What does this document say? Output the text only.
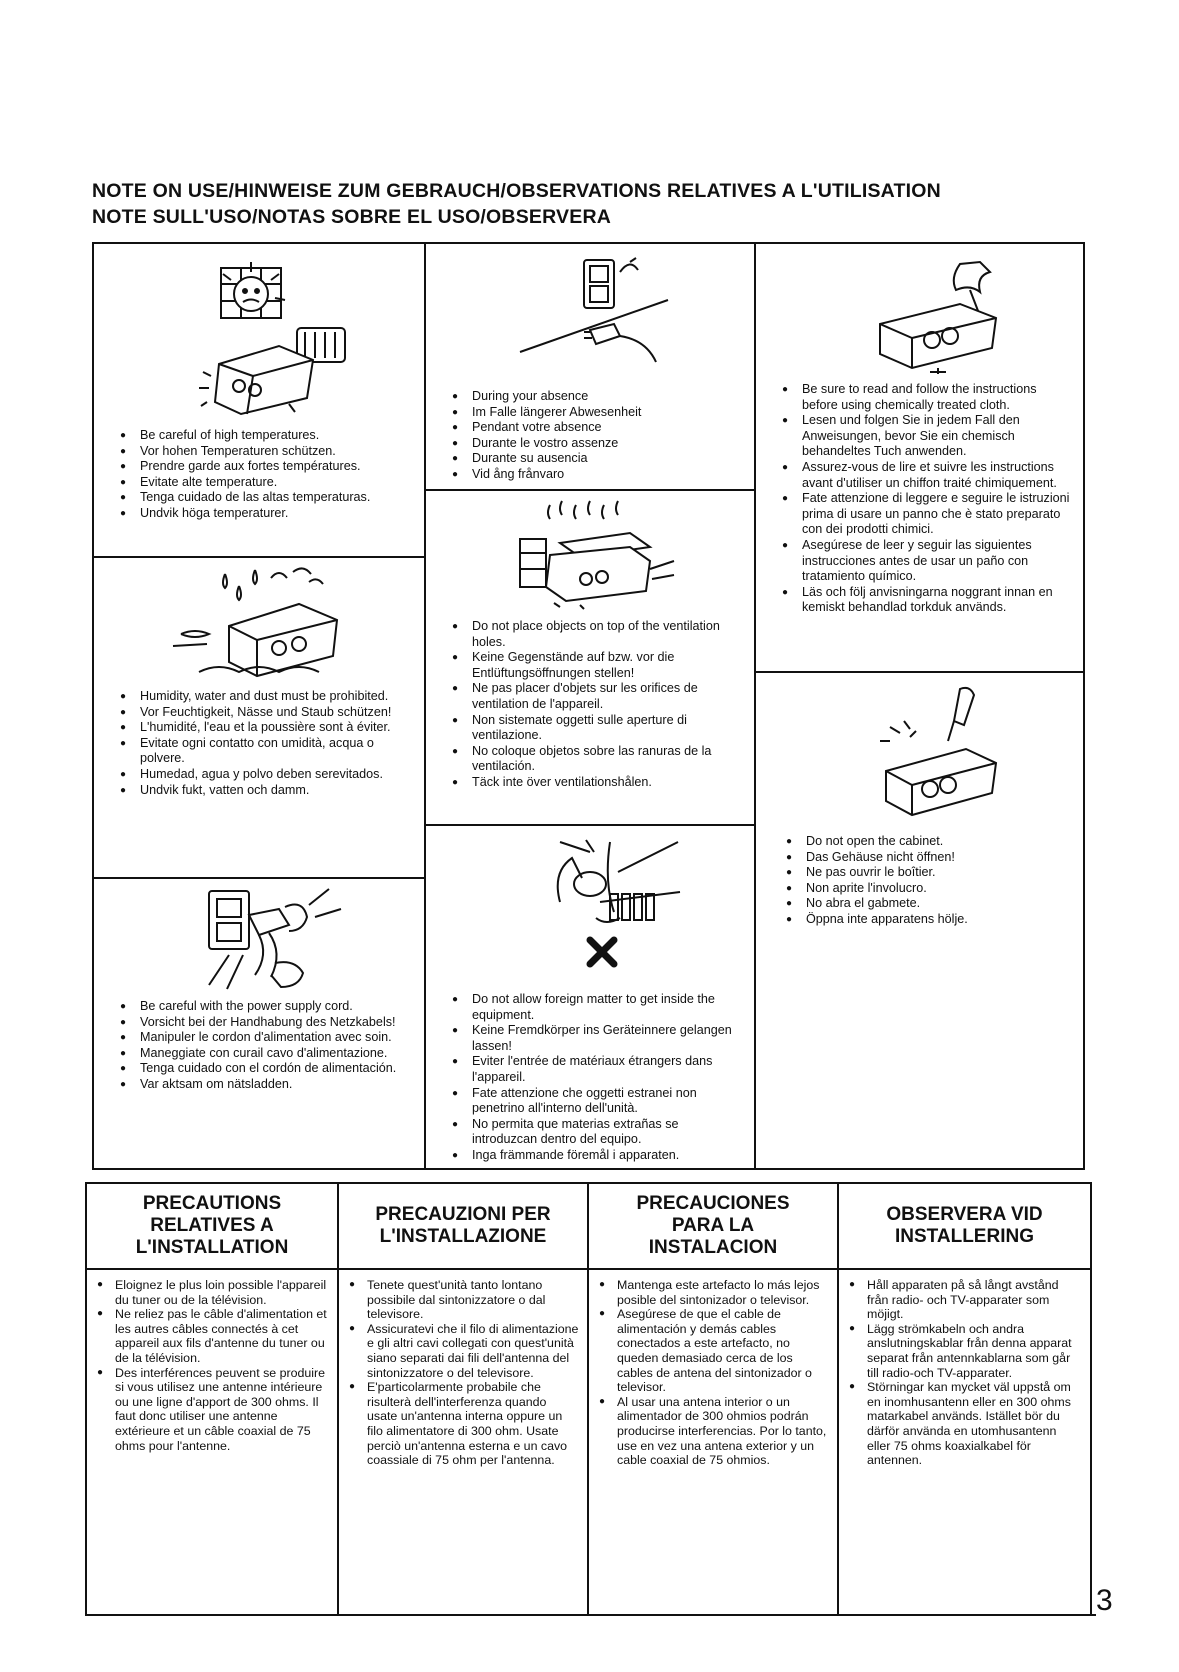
NOTE ON USE/HINWEISE ZUM GEBRAUCH/OBSERVATIONS RELATIVES A L'UTILISATION
NOTE SULL'USO/NOTAS SOBRE EL USO/OBSERVERA
● Be careful of high temperatures.
● Vor hohen Temperaturen schützen.
● Prendre garde aux fortes températures.
● Evitate alte temperature.
● Tenga cuidado de las altas temperaturas.
● Undvik höga temperaturer.
● Humidity, water and dust must be prohibited.
● Vor Feuchtigkeit, Nässe und Staub schützen!
● L'humidité, l'eau et la poussière sont à éviter.
● Evitate ogni contatto con umidità, acqua o polvere.
● Humedad, agua y polvo deben serevitados.
● Undvik fukt, vatten och damm.
● Be careful with the power supply cord.
● Vorsicht bei der Handhabung des Netzkabels!
● Manipuler le cordon d'alimentation avec soin.
● Maneggiate con curail cavo d'alimentazione.
● Tenga cuidado con el cordón de alimentación.
● Var aktsam om nätsladden.
● During your absence
● Im Falle längerer Abwesenheit
● Pendant votre absence
● Durante le vostro assenze
● Durante su ausencia
● Vid ång frånvaro
● Do not place objects on top of the ventilation holes.
● Keine Gegenstände auf bzw. vor die Entlüftungsöffnungen stellen!
● Ne pas placer d'objets sur les orifices de ventilation de l'appareil.
● Non sistemate oggetti sulle aperture di ventilazione.
● No coloque objetos sobre las ranuras de la ventilación.
● Täck inte över ventilationshålen.
● Do not allow foreign matter to get inside the equipment.
● Keine Fremdkörper ins Geräteinnere gelangen lassen!
● Eviter l'entrée de matériaux étrangers dans l'appareil.
● Fate attenzione che oggetti estranei non penetrino all'interno dell'unità.
● No permita que materias extrañas se introduzcan dentro del equipo.
● Inga främmande föremål i apparaten.
● Be sure to read and follow the instructions before using chemically treated cloth.
● Lesen und folgen Sie in jedem Fall den Anweisungen, bevor Sie ein chemisch behandeltes Tuch anwenden.
● Assurez-vous de lire et suivre les instructions avant d'utiliser un chiffon traité chimiquement.
● Fate attenzione di leggere e seguire le istruzioni prima di usare un panno che è stato preparato con dei prodotti chimici.
● Asegúrese de leer y seguir las siguientes instrucciones antes de usar un paño con tratamiento químico.
● Läs och följ anvisningarna noggrant innan en kemiskt behandlad torkduk används.
● Do not open the cabinet.
● Das Gehäuse nicht öffnen!
● Ne pas ouvrir le boîtier.
● Non aprite l'involucro.
● No abra el gabmete.
● Öppna inte apparatens hölje.
PRECAUTIONS
RELATIVES A
L'INSTALLATION
● Eloignez le plus loin possible l'appareil du tuner ou de la télévision.
● Ne reliez pas le câble d'alimentation et les autres câbles connectés à cet appareil aux fils d'antenne du tuner ou de la télévision.
● Des interférences peuvent se produire si vous utilisez une antenne intérieure ou une ligne d'apport de 300 ohms. Il faut donc utiliser une antenne extérieure et un câble coaxial de 75 ohms pour l'antenne.
PRECAUZIONI PER
L'INSTALLAZIONE
● Tenete quest'unità tanto lontano possibile dal sintonizzatore o dal televisore.
● Assicuratevi che il filo di alimentazione e gli altri cavi collegati con quest'unità siano separati dai fili dell'antenna del sintonizzatore o del televisore.
● E'particolarmente probabile che risulterà dell'interferenza quando usate un'antenna interna oppure un filo alimentatore di 300 ohm. Usate perciò un'antenna esterna e un cavo coassiale di 75 ohm per l'antenna.
PRECAUCIONES
PARA LA
INSTALACION
● Mantenga este artefacto lo más lejos posible del sintonizador o televisor.
● Asegúrese de que el cable de alimentación y demás cables conectados a este artefacto, no queden demasiado cerca de los cables de antena del sintonizador o televisor.
● Al usar una antena interior o un alimentador de 300 ohmios podrán producirse interferencias. Por lo tanto, use en vez una antena exterior y un cable coaxial de 75 ohmios.
OBSERVERA VID
INSTALLERING
● Håll apparaten på så långt avstånd från radio- och TV-apparater som möjigt.
● Lägg strömkabeln och andra anslutningskablar från denna apparat separat från antennkablarna som går till radio-och TV-apparater.
● Störningar kan mycket väl uppstå om en inomhusantenn eller en 300 ohms matarkabel används. Istället bör du därför använda en utomhusantenn eller 75 ohms koaxialkabel för antennen.
3
